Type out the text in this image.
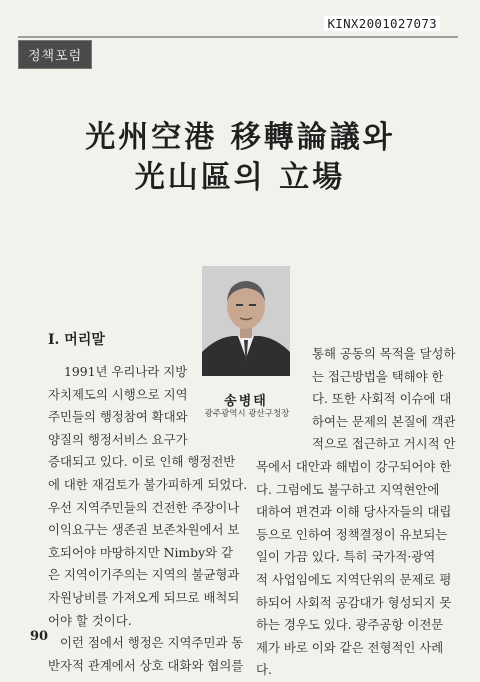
KINX2001027073
정책포럼
光州空港 移轉論議와
光山區의 立場
송병태
광주광역시 광산구청장
I. 머리말
1991년 우리나라 지방
자치제도의 시행으로 지역
주민들의 행정참여 확대와
양질의 행정서비스 요구가
증대되고 있다. 이로 인해 행정전반
에 대한 재검토가 불가피하게 되었다.
우선 지역주민들의 건전한 주장이나
이익요구는 생존권 보존차원에서 보
호되어야 마땅하지만 Nimby와 같
은 지역이기주의는 지역의 불균형과
자원낭비를 가져오게 되므로 배척되
어야 할 것이다.
이런 점에서 행정은 지역주민과 동
반자적 관계에서 상호 대화와 협의를
통해 공동의 목적을 달성하
는 접근방법을 택해야 한
다. 또한 사회적 이슈에 대
하여는 문제의 본질에 객관
적으로 접근하고 거시적 안
목에서 대안과 해법이 강구되어야 한
다. 그럼에도 불구하고 지역현안에
대하여 편견과 이해 당사자들의 대립
등으로 인하여 정책결정이 유보되는
일이 가끔 있다. 특히 국가적·광역
적 사업임에도 지역단위의 문제로 평
하되어 사회적 공감대가 형성되지 못
하는 경우도 있다. 광주공항 이전문
제가 바로 이와 같은 전형적인 사례
다.
90
